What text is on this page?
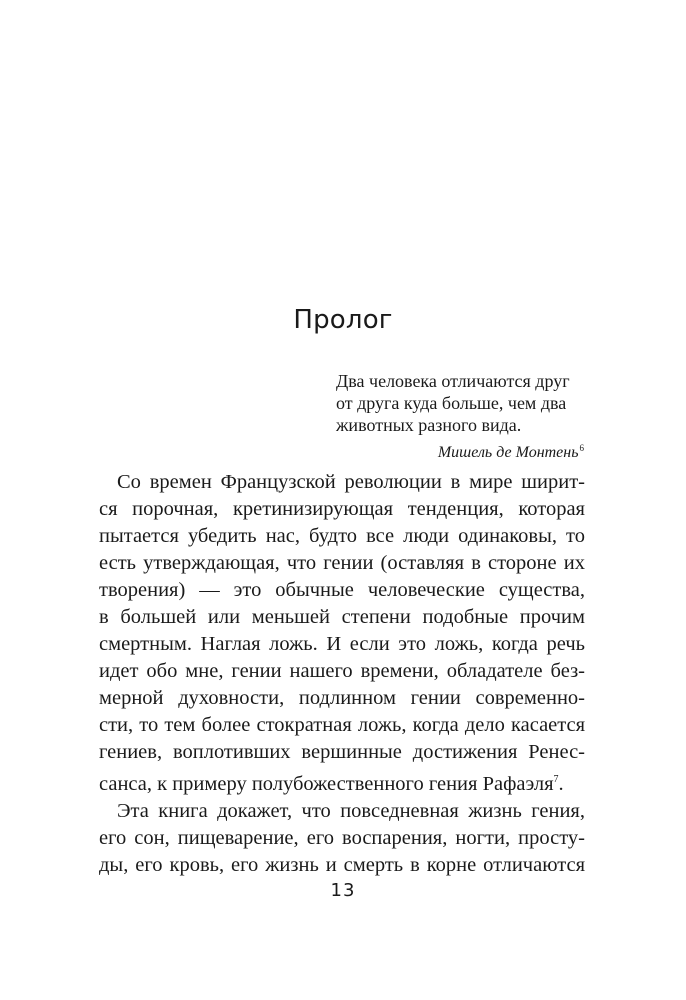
Пролог
Два человека отличаются друг
от друга куда больше, чем два
животных разного вида.
Мишель де Монтень$^6$
Со времен Французской революции в мире ширит-
ся порочная, кретинизирующая тенденция, которая
пытается убедить нас, будто все люди одинаковы, то
есть утверждающая, что гении (оставляя в стороне их
творения) — это обычные человеческие существа,
в большей или меньшей степени подобные прочим
смертным. Наглая ложь. И если это ложь, когда речь
идет обо мне, гении нашего времени, обладателе без-
мерной духовности, подлинном гении современно-
сти, то тем более стократная ложь, когда дело касается
гениев, воплотивших вершинные достижения Ренес-
санса, к примеру полубожественного гения Рафаэля$^7$.
Эта книга докажет, что повседневная жизнь гения,
его сон, пищеварение, его воспарения, ногти, просту-
ды, его кровь, его жизнь и смерть в корне отличаются
13
